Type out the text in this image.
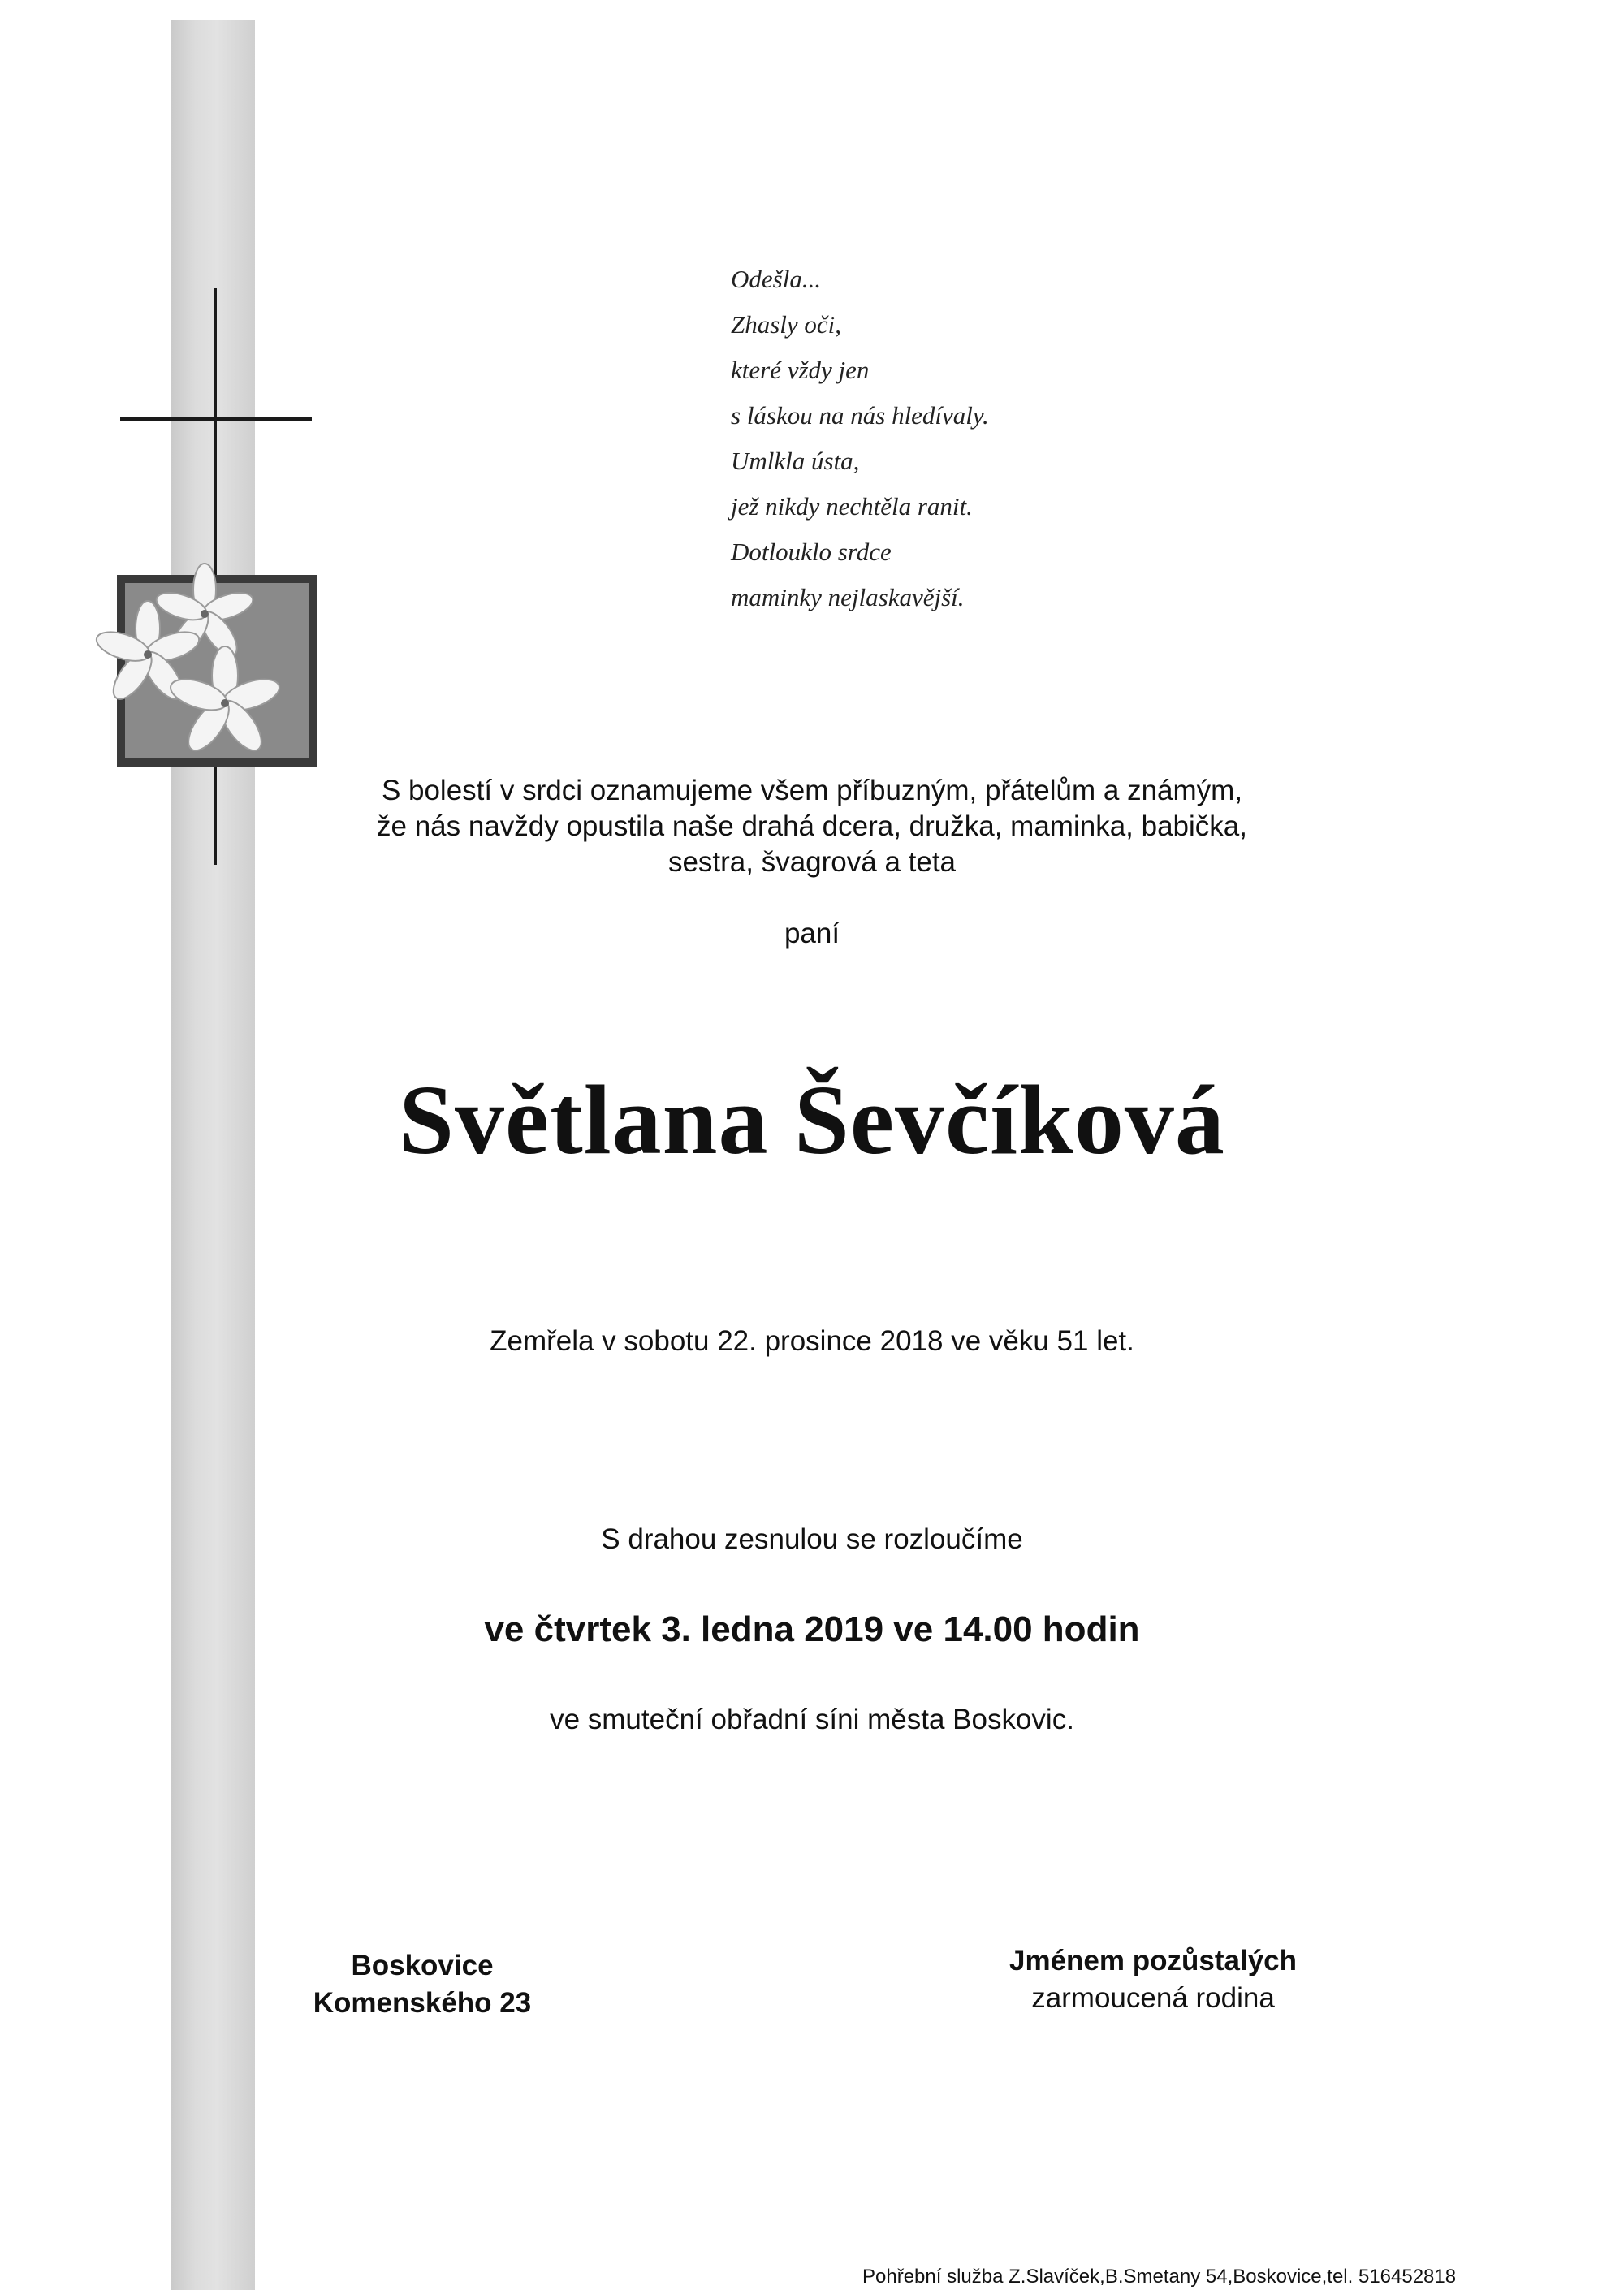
Odešla...
Zhasly oči,
které vždy jen
s láskou na nás hledívaly.
Umlkla ústa,
jež nikdy nechtěla ranit.
Dotlouklo srdce
maminky nejlaskavější.
S bolestí v srdci oznamujeme všem příbuzným, přátelům a známým,
že nás navždy opustila naše drahá dcera, družka, maminka, babička,
sestra, švagrová a teta
paní
Světlana Ševčíková
Zemřela v sobotu 22. prosince 2018 ve věku 51 let.
S drahou zesnulou se rozloučíme
ve čtvrtek 3. ledna 2019 ve 14.00 hodin
ve smuteční obřadní síni města Boskovic.
Boskovice
Komenského 23
Jménem pozůstalých
zarmoucená rodina
Pohřební služba Z.Slavíček,B.Smetany 54,Boskovice,tel. 516452818
